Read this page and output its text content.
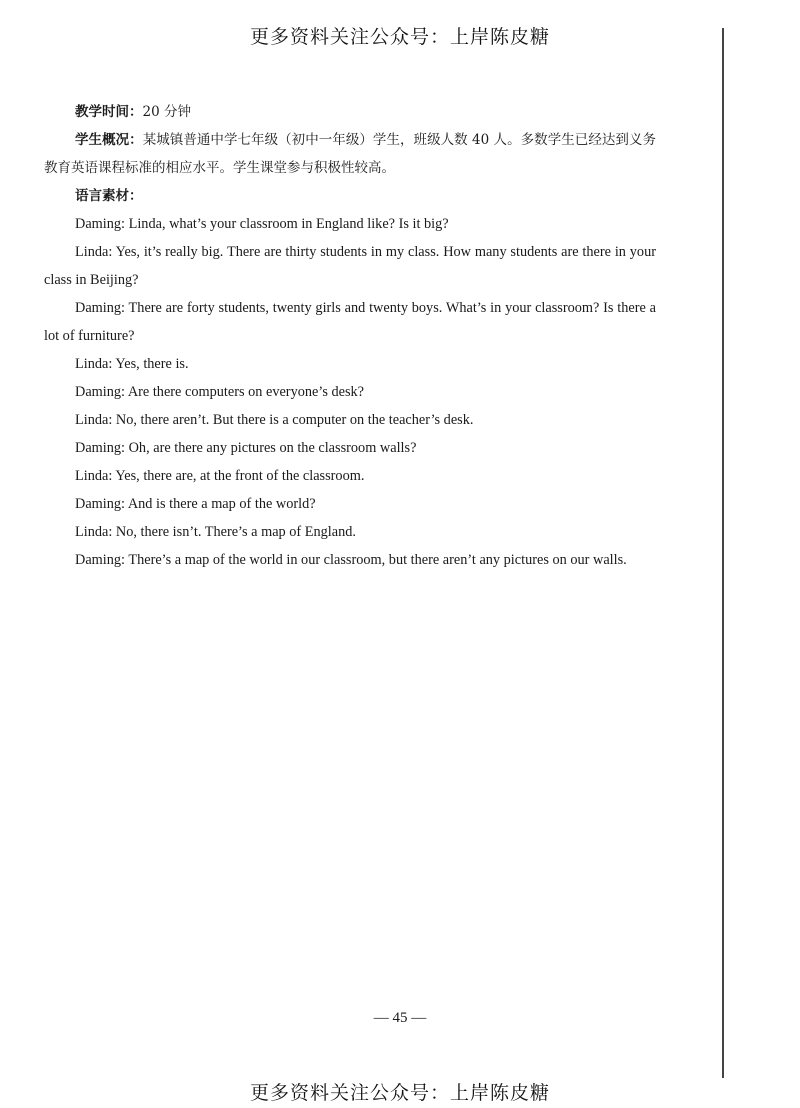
更多资料关注公众号：上岸陈皮糖

教学时间：20 分钟

学生概况：某城镇普通中学七年级（初中一年级）学生，班级人数 40 人。多数学生已经达到义务教育英语课程标准的相应水平。学生课堂参与积极性较高。

语言素材：

Daming: Linda, what’s your classroom in England like? Is it big?

Linda: Yes, it’s really big. There are thirty students in my class. How many students are there in your class in Beijing?

Daming: There are forty students, twenty girls and twenty boys. What’s in your classroom? Is there a lot of furniture?

Linda: Yes, there is.

Daming: Are there computers on everyone’s desk?

Linda: No, there aren’t. But there is a computer on the teacher’s desk.

Daming: Oh, are there any pictures on the classroom walls?

Linda: Yes, there are, at the front of the classroom.

Daming: And is there a map of the world?

Linda: No, there isn’t. There’s a map of England.

Daming: There’s a map of the world in our classroom, but there aren’t any pictures on our walls.

— 45 —
更多资料关注公众号：上岸陈皮糖
